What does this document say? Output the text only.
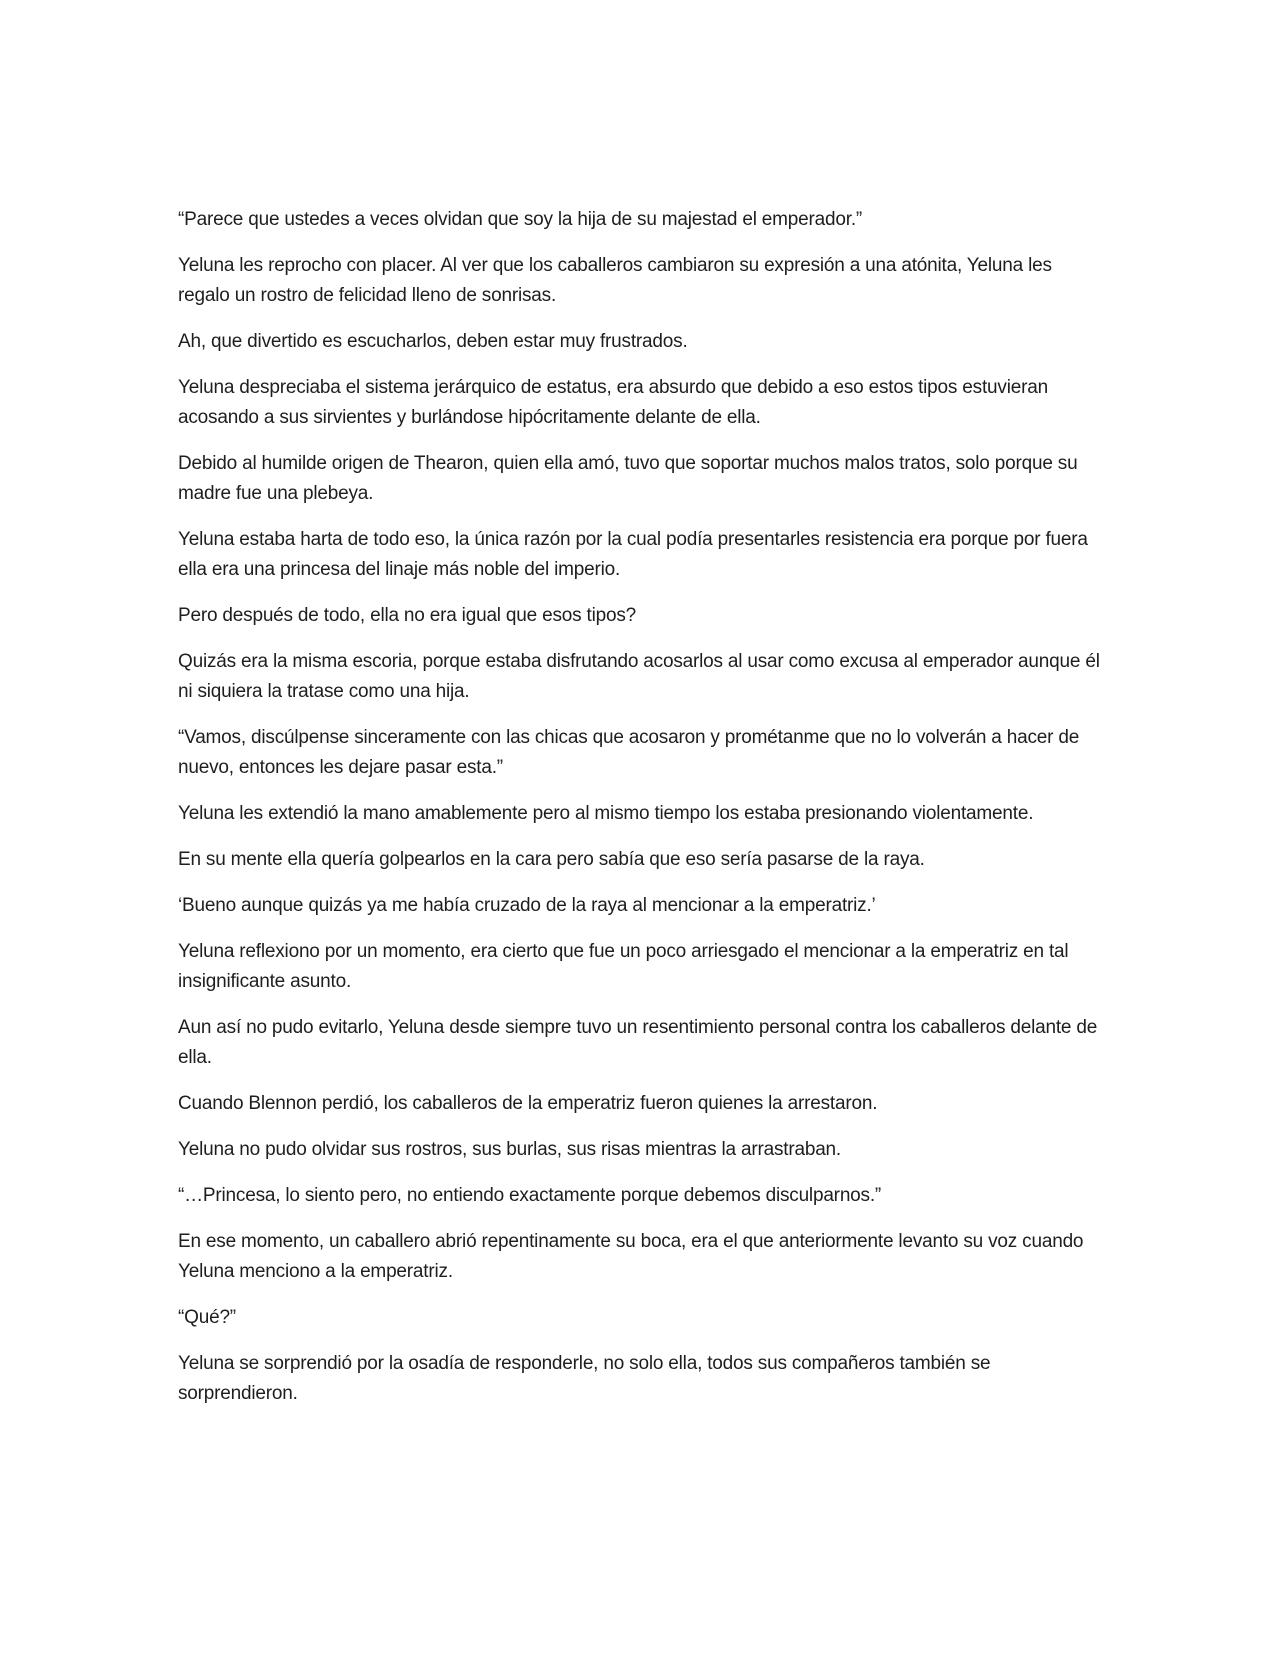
“Parece que ustedes a veces olvidan que soy la hija de su majestad el emperador.”

Yeluna les reprocho con placer. Al ver que los caballeros cambiaron su expresión a una atónita, Yeluna les regalo un rostro de felicidad lleno de sonrisas.

Ah, que divertido es escucharlos, deben estar muy frustrados.

Yeluna despreciaba el sistema jerárquico de estatus, era absurdo que debido a eso estos tipos estuvieran acosando a sus sirvientes y burlándose hipócritamente delante de ella.

Debido al humilde origen de Thearon, quien ella amó, tuvo que soportar muchos malos tratos, solo porque su madre fue una plebeya.

Yeluna estaba harta de todo eso, la única razón por la cual podía presentarles resistencia era porque por fuera ella era una princesa del linaje más noble del imperio.

Pero después de todo, ella no era igual que esos tipos?

Quizás era la misma escoria, porque estaba disfrutando acosarlos al usar como excusa al emperador aunque él ni siquiera la tratase como una hija.

“Vamos, discúlpense sinceramente con las chicas que acosaron y prométanme que no lo volverán a hacer de nuevo, entonces les dejare pasar esta.”

Yeluna les extendió la mano amablemente pero al mismo tiempo los estaba presionando violentamente.

En su mente ella quería golpearlos en la cara pero sabía que eso sería pasarse de la raya.

‘Bueno aunque quizás ya me había cruzado de la raya al mencionar a la emperatriz.’

Yeluna reflexiono por un momento, era cierto que fue un poco arriesgado el mencionar a la emperatriz en tal insignificante asunto.

Aun así no pudo evitarlo, Yeluna desde siempre tuvo un resentimiento personal contra los caballeros delante de ella.

Cuando Blennon perdió, los caballeros de la emperatriz fueron quienes la arrestaron.

Yeluna no pudo olvidar sus rostros, sus burlas, sus risas mientras la arrastraban.

“…Princesa, lo siento pero, no entiendo exactamente porque debemos disculparnos.”

En ese momento, un caballero abrió repentinamente su boca, era el que anteriormente levanto su voz cuando Yeluna menciono a la emperatriz.

“Qué?”

Yeluna se sorprendió por la osadía de responderle, no solo ella, todos sus compañeros también se sorprendieron.
